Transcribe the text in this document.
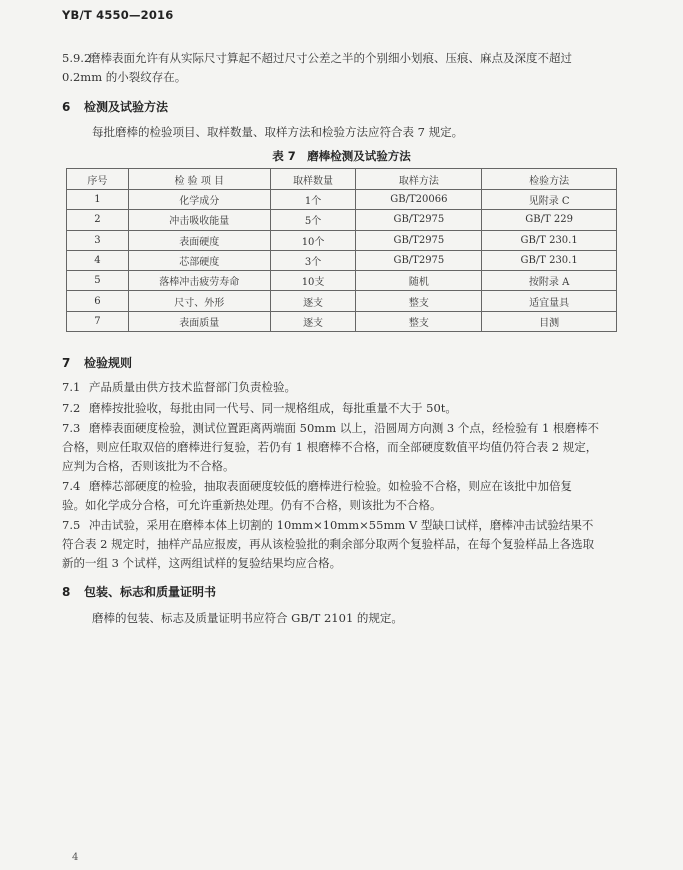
YB/T 4550—2016
5.9.2磨棒表面允许有从实际尺寸算起不超过尺寸公差之半的个别细小划痕、压痕、麻点及深度不超过
0.2mm 的小裂纹存在。
6 检测及试验方法
每批磨棒的检验项目、取样数量、取样方法和检验方法应符合表 7 规定。
表 7　磨棒检测及试验方法
序号	检 验 项 目	取样数量	取样方法	检验方法
1	化学成分	1个	GB/T20066	见附录 C
2	冲击吸收能量	5个	GB/T2975	GB/T 229
3	表面硬度	10个	GB/T2975	GB/T 230.1
4	芯部硬度	3个	GB/T2975	GB/T 230.1
5	落棒冲击疲劳寿命	10支	随机	按附录 A
6	尺寸、外形	逐支	整支	适宜量具
7	表面质量	逐支	整支	目测
7 检验规则
7.1 产品质量由供方技术监督部门负责检验。
7.2 磨棒按批验收，每批由同一代号、同一规格组成，每批重量不大于 50t。
7.3 磨棒表面硬度检验，测试位置距离两端面 50mm 以上，沿圆周方向测 3 个点，经检验有 1 根磨棒不
合格，则应任取双倍的磨棒进行复验，若仍有 1 根磨棒不合格，而全部硬度数值平均值仍符合表 2 规定，
应判为合格，否则该批为不合格。
7.4 磨棒芯部硬度的检验，抽取表面硬度较低的磨棒进行检验。如检验不合格，则应在该批中加倍复
验。如化学成分合格，可允许重新热处理。仍有不合格，则该批为不合格。
7.5 冲击试验，采用在磨棒本体上切割的 10mm×10mm×55mm V 型缺口试样，磨棒冲击试验结果不
符合表 2 规定时，抽样产品应报废，再从该检验批的剩余部分取两个复验样品，在每个复验样品上各选取
新的一组 3 个试样，这两组试样的复验结果均应合格。
8 包装、标志和质量证明书
磨棒的包装、标志及质量证明书应符合 GB/T 2101 的规定。
4
